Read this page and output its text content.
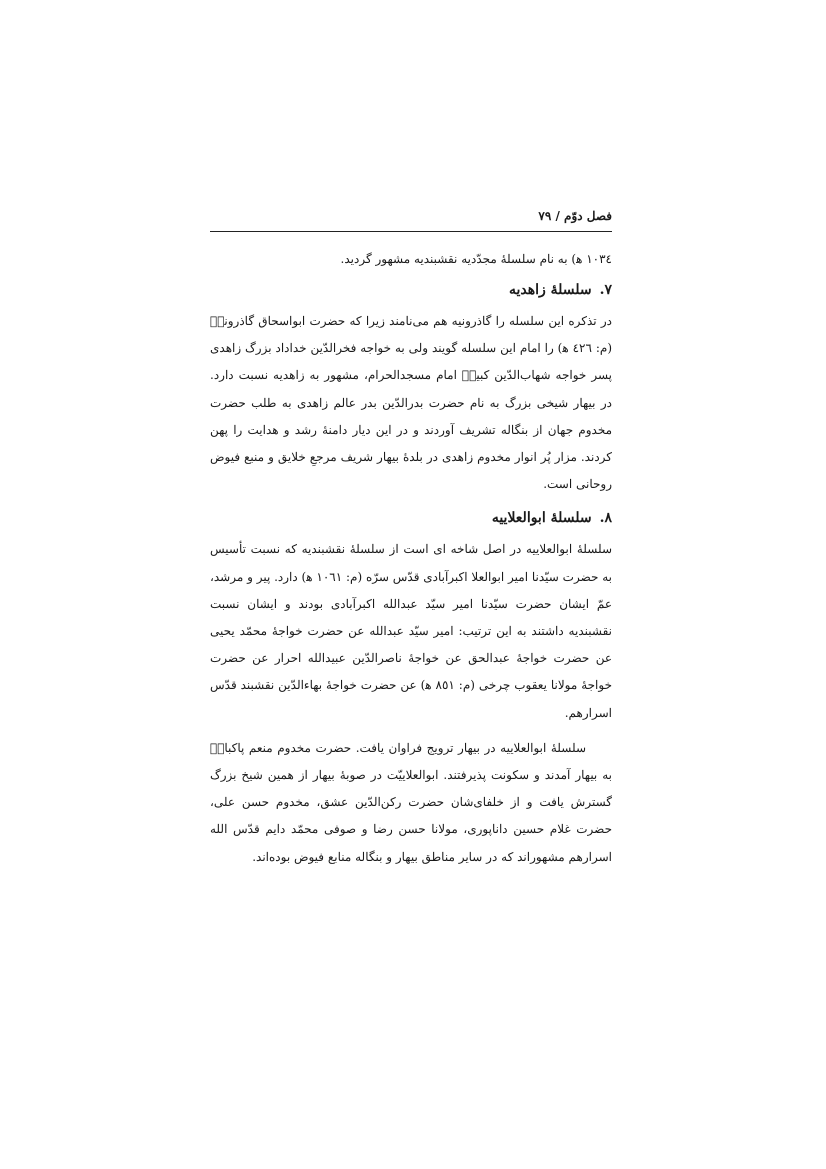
فصل دوّم / ۷۹

۱۰۳٤ ﻫ) به نام سلسلهٔ مجدّدیه نقشبندیه مشهور گردید.

۷.سلسلهٔ زاهدیه

در تذکره این سلسله را گاذرونیه هم می‌نامند زیرا که حضرت ابواسحاق گاذرونیؒ (م: ٤٢٦ ﻫ) را امام این سلسله گویند ولی به خواجه فخرالدّین خداداد بزرگ زاهدی پسر خواجه شهاب‌الدّین کبیرؒ امام مسجدالحرام، مشهور به زاهدیه نسبت دارد. در بیهار شیخی بزرگ به نام حضرت بدرالدّین بدر عالم زاهدی به طلب حضرت مخدوم جهان از بنگاله تشریف آوردند و در این دیار دامنهٔ رشد و هدایت را پهن کردند. مزار پُر انوار مخدوم زاهدی در بلدهٔ بیهار شریف مرجعِ خلایق و منبع فیوض روحانی است.

۸.سلسلهٔ ابوالعلاییه

سلسلهٔ ابوالعلاییه در اصل شاخه ای است از سلسلهٔ نقشبندیه که نسبت تأسیس به حضرت سیّدنا امیر ابوالعلا اکبرآبادی قدّس سرّه (م: ١٠٦١ ﻫ) دارد. پیر و مرشد، عمّ ایشان حضرت سیّدنا امیر سیّد عبدالله اکبرآبادی بودند و ایشان نسبت نقشبندیه داشتند به این ترتیب: امیر سیّد عبدالله عن حضرت خواجهٔ محمّد یحیی عن حضرت خواجهٔ عبدالحق عن خواجهٔ ناصرالدّین عبیدالله احرار عن حضرت خواجهٔ مولانا یعقوب چرخی (م: ٨٥١ ﻫ) عن حضرت خواجهٔ بهاءالدّین نقشبند قدّس اسرارهم.

سلسلهٔ ابوالعلاییه در بیهار ترویج فراوان یافت. حضرت مخدوم منعم پاکبازؒ به بیهار آمدند و سکونت پذیرفتند. ابوالعلاییّت در صوبهٔ بیهار از همین شیخ بزرگ گسترش یافت و از خلفای‌شان حضرت رکن‌الدّین عشق، مخدوم حسن علی، حضرت غلام حسین داناپوری، مولانا حسن رضا و صوفی محمّد دایم قدّس الله اسرارهم مشهوراند که در سایر مناطق بیهار و بنگاله منابع فیوض بوده‌اند.
